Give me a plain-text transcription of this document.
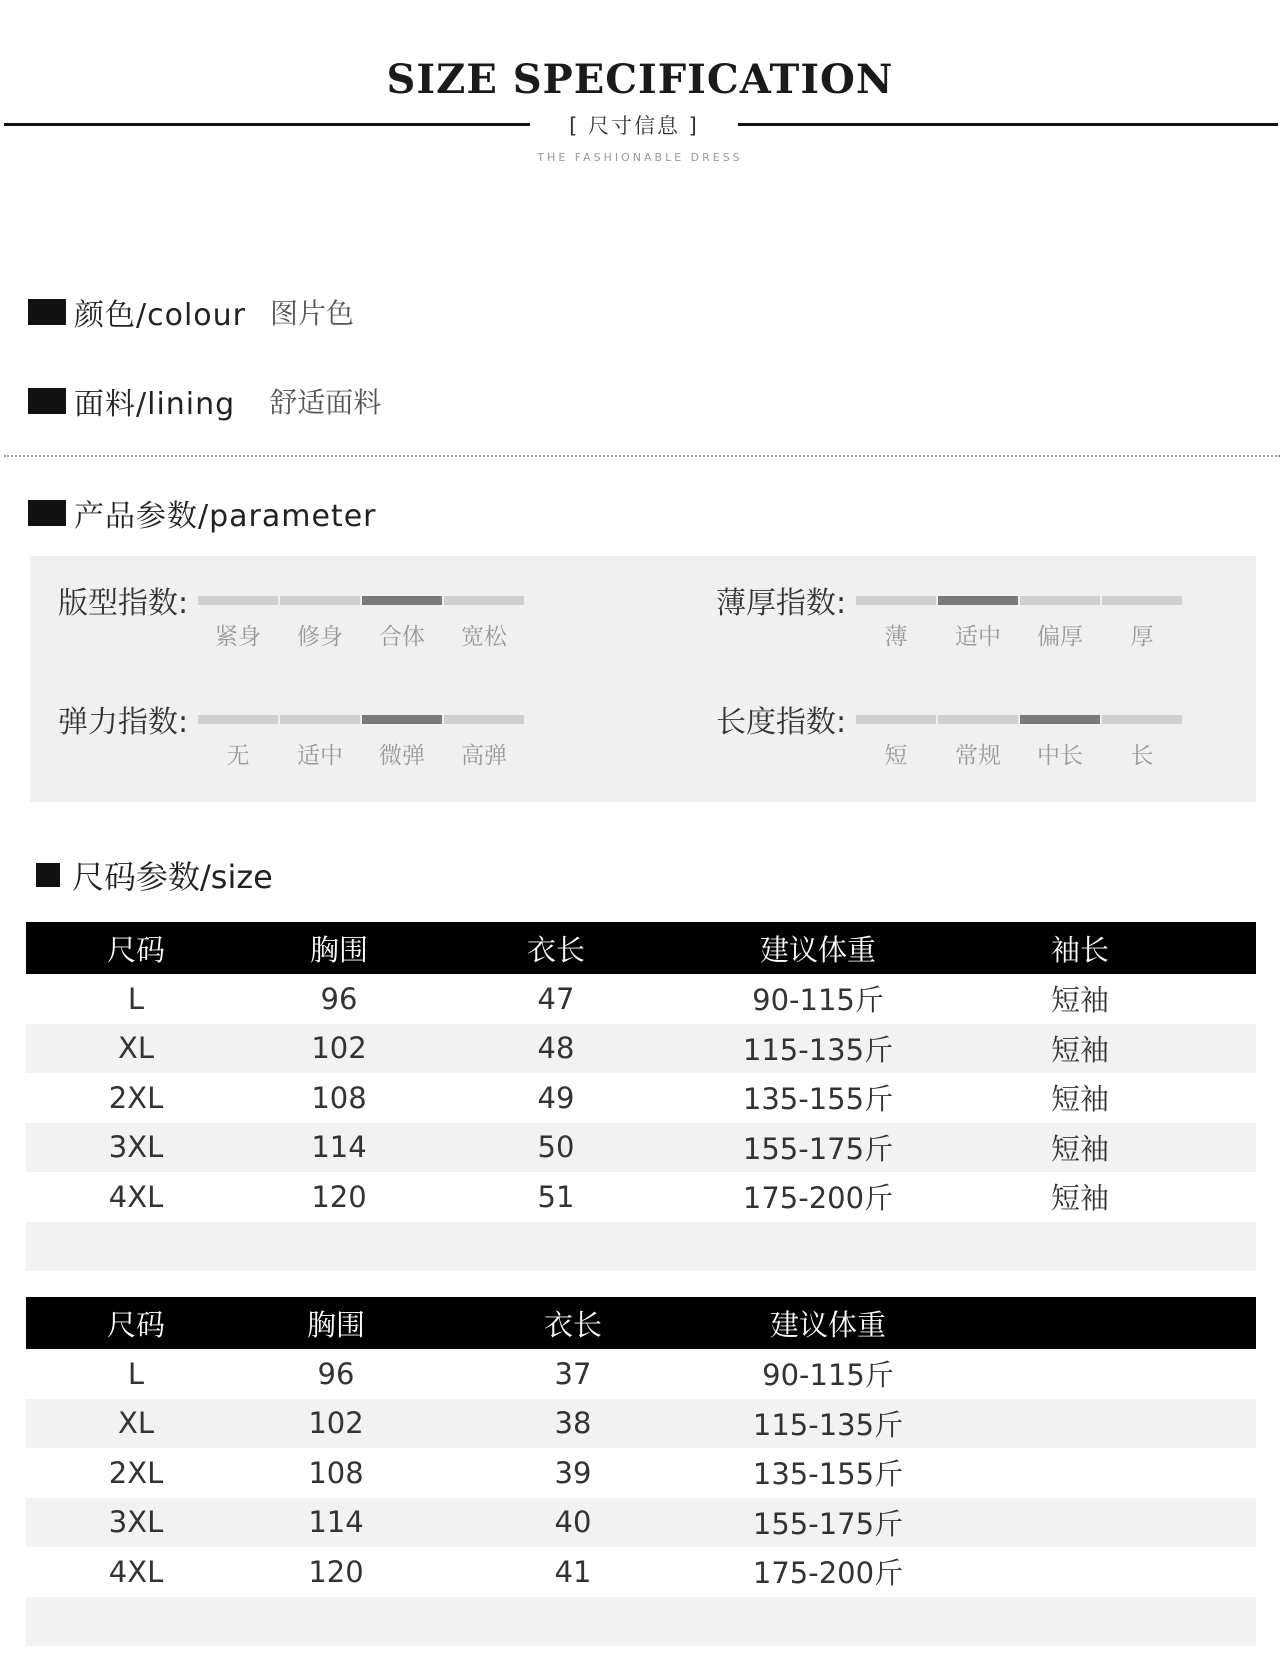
SIZE SPECIFICATION
[ 尺寸信息 ]
THE FASHIONABLE DRESS
颜色/colour 图片色
面料/lining 舒适面料
产品参数/parameter
版型指数:
紧身	修身	合体	宽松
薄厚指数:
薄	适中	偏厚	厚
弹力指数:
无	适中	微弹	高弹
长度指数:
短	常规	中长	长
尺码参数/size
尺码	胸围	衣长	建议体重	袖长
L	96	47	90-115斤	短袖
XL	102	48	115-135斤	短袖
2XL	108	49	135-155斤	短袖
3XL	114	50	155-175斤	短袖
4XL	120	51	175-200斤	短袖
尺码	胸围	衣长	建议体重
L	96	37	90-115斤
XL	102	38	115-135斤
2XL	108	39	135-155斤
3XL	114	40	155-175斤
4XL	120	41	175-200斤
